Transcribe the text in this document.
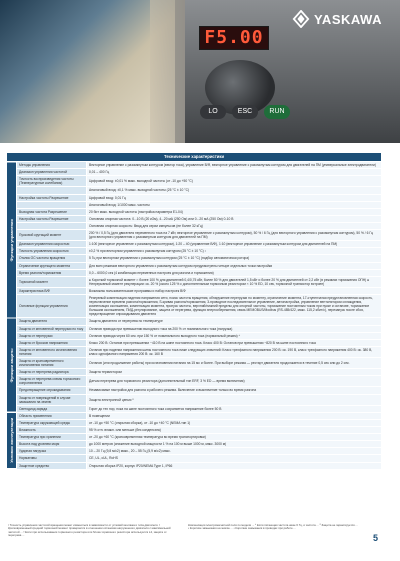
F5.00
LO	ESC	RUN
YASKAWA
Технические характеристики		
Функции управления	Методы управления	Векторное управление с разомкнутым контуром (вектор тока), управление В/Ф, векторное управление с разомкнутым контуром для двигателей на ПМ (универсальные электродвигатели)
	Диапазон управления частотой	0,01 – 400 Гц
	Точность воспроизведения частоты (Температурные колебания)	Цифровой вход: ±0,01 % макс. выходной частоты (от -10 до +50 °C)
		Аналоговый вход: ±0,1 % макс. выходной частоты (25 °C ± 10 °C)
	Настройка частоты Разрешение	Цифровой вход: 0,01 Гц
		Аналоговый вход: 1/1000 макс. частоты
	Выходная частота Разрешение	20 бит макс. выходной частоты (настройка параметра E1-04)
	Настройка частоты Разрешение	Основная опорная частота: 0...10 В (20 кОм), 4...20 мА (250 Ом) или 0...20 мА (250 Ом) 0-10 В
		Основная опорная скорость: Ввод для серии импульсов (не более 32 кГц)
	Пусковой крутящий момент	200 % / 0,5 Гц (для двигателя переменного тока на 7 кВт, векторное управление с разомкнутым контуром), 50 % / 6 Гц (для векторного управления с разомкнутым контуром), 50 % / 6 Гц (для векторного управления с разомкнутым контуром для двигателей на ПМ)
	Диапазон управления скоростью	1:100 (векторное управление с разомкнутым контуром), 1:20 – 40 (управление В/Ф), 1:10 (векторное управление с разомкнутым контуром для двигателей на ПМ)
	Точность управления скоростью	±0,2 % при векторном управлении с разомкнутым контуром (25 °C ± 10 °C) ¹
	Отклик ОС частоты вращения	5 Гц при векторном управлении с разомкнутым контуром (25 °C ± 10 °C) (подбор автоматически ротора)
	Ограничение крутящего момента	Для всех режимов векторного управления с разомкнутым контуром предусмотрены четыре отдельных точки настройки
	Время разгона/торможения	0,0 – 6000,0 сек (4 комбинации переменных настроек для разгона и торможения)
	Тормозной момент	● Короткий тормозной момент ²: более 100 % для двигателей 0,4/0,75 кВт, более 50 % для двигателей 1,5 кВт и более 20 % для двигателей от 2,2 кВт (в режимах торможения ОПН) ● Непрерывный момент рекуперации: ок. 20 % (около 125 % с дополнительным тормозным резистором ³: 10 % ED, 10 сек, тормозной транзистор встроен)
	Характеристика В/Ф	Возможны пользовательские программы и набор настроек В/Ф
	Основные функции управления	Резервный компенсация падения напряжения сети, поиск частоты вращения, обнаружение перегрузки по моменту, ограничение момента, 17-ступенчатая предустановленная скорость, переключение времени разгона/торможения, S-кривая разгона/торможения, 3-проводное последовательное управление, автонастройка, управление вентилятором охлаждения, компенсация скольжения, компенсация момента, пропуск частоты, верхний/нижний пределы для опорной частоты, торможение постоянным током при пуске и останове, торможение большим скольжением, ПИД-регулирование, защита от перегрева, функция энергосбережения, связь MEMOBUS/Modbus (RS-485/422, макс. 115,2 кбит/с), перезапуск после сбоя, предотвращение опрокидывания двигателя
Функции защиты	Защита двигателя	Защита двигателя от перегрева по температуре
	Защита от мгновенной перегрузки по току	Останов привода при превышении выходного тока на 200 % от номинального тока (нагрузка)
	Защита от перегрузки	Останов привода через 60 сек. при 150 % от номинального выходного тока (нормальный режим) ⁴
	Защита от бросков напряжения	Класс 200 В: Останов при превышении ~410 В на шине постоянного тока. Класс 400 В: Останов при превышении ~820 В на шине постоянного тока
	Защита от мгновенного исчезновения питания	Останов при падении напряжения шины постоянного тока ниже следующих значений: Класс трехфазного напряжения 200 В: ок. 190 В, класс трехфазного напряжения 400 В: ок. 380 В, класс однофазного напряжения 200 В: ок. 160 В
	Защита от кратковременного исчезновения питания	Останов (или продолжение работы) при исчезновении питания на 15 мс и более. При выборе режима — рестарт двигателя продолжается в течение 0,5 сек или до 2 сек.
	Защита от перегрева радиатора	Защита термистором
	Защита от перегрева схемы тормозного сопротивления	Датчик перегрева для тормозного резистора (дополнительный тип ERF, 3 % ED — время включения)
	Предотвращение опрокидывания	Независимые настройки для разгона и рабочего режима. Включение и выключение только во время разгона
	Защита от повреждений в случае замыкания на землю	Защита электронной цепью ⁵
	Светодиод заряда	Горит до тех пор, пока на шине постоянного тока сохраняется напряжение более 50 В
Условия эксплуатации	Область применения	В помещении
	Температура окружающей среды	от -10 до +50 °C (открытая сборка), от -10 до +40 °C (NEMA тип 1)
	Влажность	95 % отн. влажн. или меньше (без конденсата)
	Температура при хранении	от -20 до +60 °C (кратковременная температура во время транспортировки)
	Высота над уровнем моря	до 1000 метров (снижение выходной мощности 1 % на 100 м выше 1000 м, макс. 3000 м)
	Ударная нагрузка	10 – 20 Гц (9,8 м/с2) макс., 20 – 55 Гц (5,9 м/с2) макс.
	Нормативы	CE, UL, cUL, RoHS
	Защитное средство	Открытая сборка IP20, корпус IP20/NEMA Type 1, IP66
¹ Точность управления частотой вращения может изменяться в зависимости от условий монтажа и типа двигателя. ² Кратковременный средний тормозной момент проверяется в отношении остановки нагруженного двигателя с максимальной частотой ... ³ Если при использовании тормозного резистора или блока тормозного резистора используется L4, защита от перегрева ...
Компенсация электромагнитной поля по модели ... ⁴ Если питающая частота ниже 6 Гц, и частота ... ⁵ Защита не гарантируется ... • Короткие замыкания на землю ... • Короткие замыкания в проводах при работе ...
5
